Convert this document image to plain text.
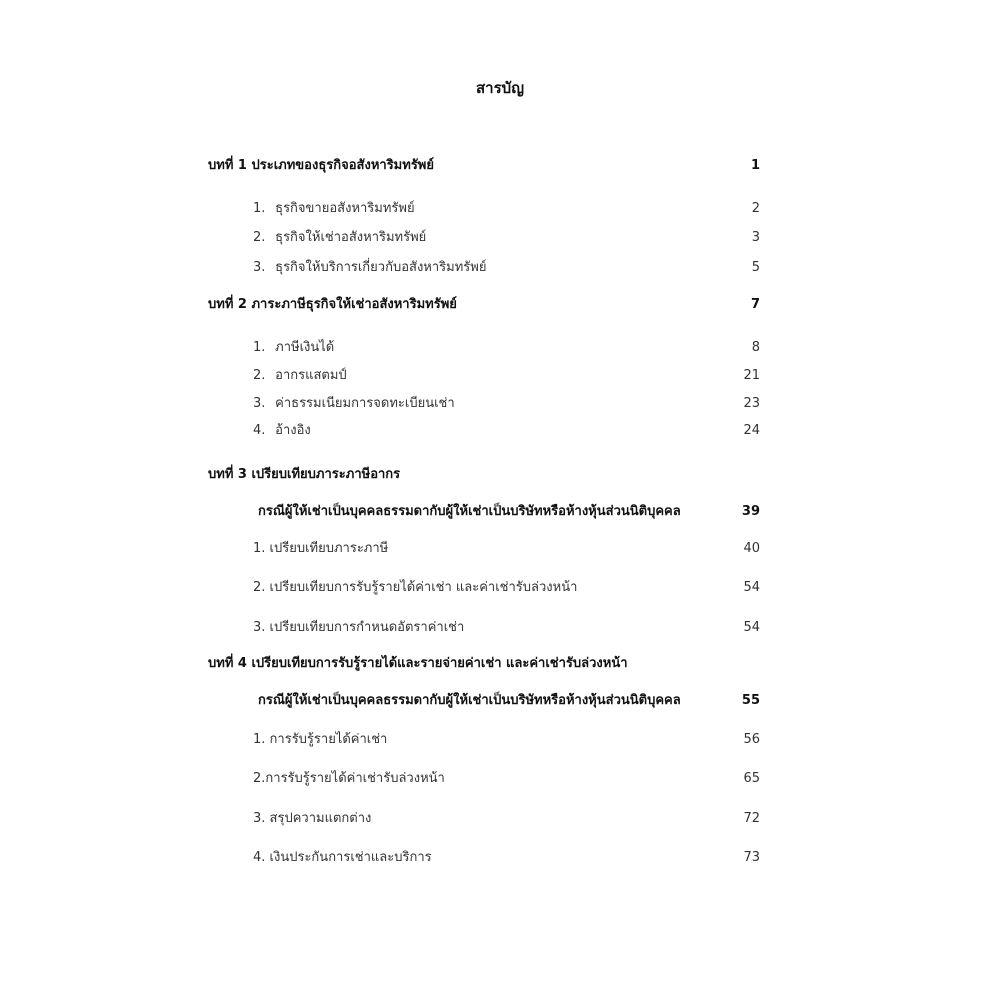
สารบัญ
บทที่ 1 ประเภทของธุรกิจอสังหาริมทรัพย์	1
1. ธุรกิจขายอสังหาริมทรัพย์	2
2. ธุรกิจให้เช่าอสังหาริมทรัพย์	3
3. ธุรกิจให้บริการเกี่ยวกับอสังหาริมทรัพย์	5
บทที่ 2 ภาระภาษีธุรกิจให้เช่าอสังหาริมทรัพย์	7
1. ภาษีเงินได้	8
2. อากรแสตมป์	21
3. ค่าธรรมเนียมการจดทะเบียนเช่า	23
4. อ้างอิง	24
บทที่ 3 เปรียบเทียบภาระภาษีอากร
กรณีผู้ให้เช่าเป็นบุคคลธรรมดากับผู้ให้เช่าเป็นบริษัทหรือห้างหุ้นส่วนนิติบุคคล	39
1. เปรียบเทียบภาระภาษี	40
2. เปรียบเทียบการรับรู้รายได้ค่าเช่า และค่าเช่ารับล่วงหน้า	54
3. เปรียบเทียบการกำหนดอัตราค่าเช่า	54
บทที่ 4 เปรียบเทียบการรับรู้รายได้และรายจ่ายค่าเช่า และค่าเช่ารับล่วงหน้า
กรณีผู้ให้เช่าเป็นบุคคลธรรมดากับผู้ให้เช่าเป็นบริษัทหรือห้างหุ้นส่วนนิติบุคคล	55
1. การรับรู้รายได้ค่าเช่า	56
2.การรับรู้รายได้ค่าเช่ารับล่วงหน้า	65
3. สรุปความแตกต่าง	72
4. เงินประกันการเช่าและบริการ	73
